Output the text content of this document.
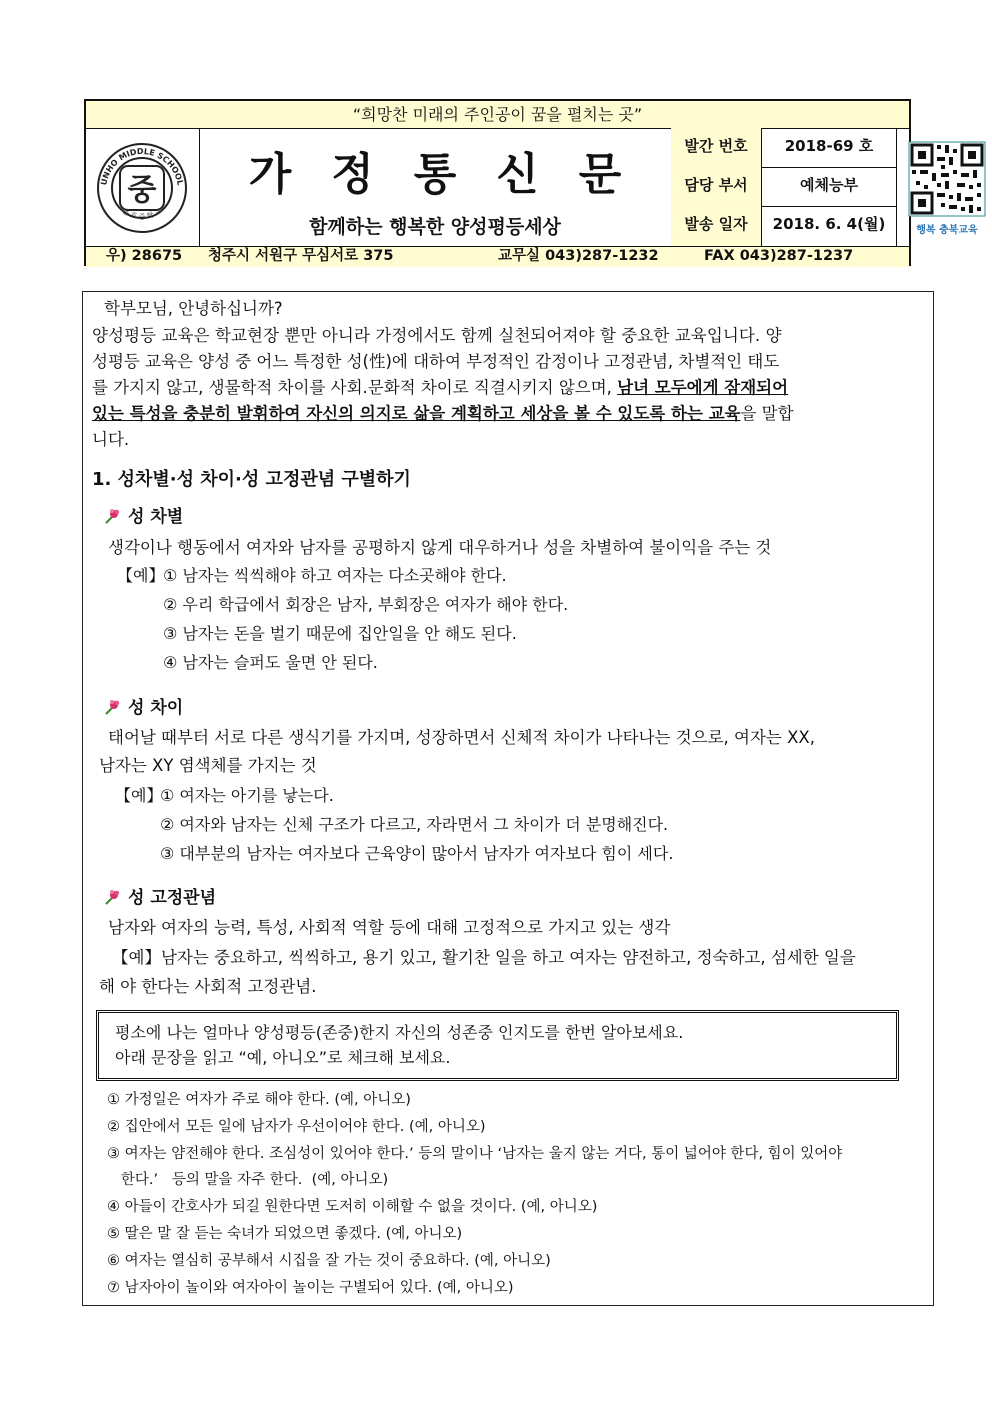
“희망찬 미래의 주인공이 꿈을 펼치는 곳”
UNHO MIDDLE SCHOOL
운 호 중 학 교
중	가정통신문
함께하는 행복한 양성평등세상
발간 번호	2018-69 호
담당 부서	예체능부
발송 일자	2018. 6. 4(월)	행복 충북교육
우) 28675 청주시 서원구 무심서로 375	교무실 043)287-1232	FAX 043)287-1237
학부모님, 안녕하십니까?
양성평등 교육은 학교현장 뿐만 아니라 가정에서도 함께 실천되어져야 할 중요한 교육입니다. 양
성평등 교육은 양성 중 어느 특정한 성(性)에 대하여 부정적인 감정이나 고정관념, 차별적인 태도
를 가지지 않고, 생물학적 차이를 사회.문화적 차이로 직결시키지 않으며, 남녀 모두에게 잠재되어
있는 특성을 충분히 발휘하여 자신의 의지로 삶을 계획하고 세상을 볼 수 있도록 하는 교육을 말합
니다.
1. 성차별·성 차이·성 고정관념 구별하기
성 차별
생각이나 행동에서 여자와 남자를 공평하지 않게 대우하거나 성을 차별하여 불이익을 주는 것
【예】
① 남자는 씩씩해야 하고 여자는 다소곳해야 한다.
② 우리 학급에서 회장은 남자, 부회장은 여자가 해야 한다.
③ 남자는 돈을 벌기 때문에 집안일을 안 해도 된다.
④ 남자는 슬퍼도 울면 안 된다.
성 차이
태어날 때부터 서로 다른 생식기를 가지며, 성장하면서 신체적 차이가 나타나는 것으로, 여자는 XX,
남자는 XY 염색체를 가지는 것
【예】
① 여자는 아기를 낳는다.
② 여자와 남자는 신체 구조가 다르고, 자라면서 그 차이가 더 분명해진다.
③ 대부분의 남자는 여자보다 근육양이 많아서 남자가 여자보다 힘이 세다.
성 고정관념
남자와 여자의 능력, 특성, 사회적 역할 등에 대해 고정적으로 가지고 있는 생각
【예】남자는 중요하고, 씩씩하고, 용기 있고, 활기찬 일을 하고 여자는 얌전하고, 정숙하고, 섬세한 일을
해 야 한다는 사회적 고정관념.
평소에 나는 얼마나 양성평등(존중)한지 자신의 성존중 인지도를 한번 알아보세요.
아래 문장을 읽고 “예, 아니오”로 체크해 보세요.
① 가정일은 여자가 주로 해야 한다. (예, 아니오)
② 집안에서 모든 일에 남자가 우선이어야 한다. (예, 아니오)
③ 여자는 얌전해야 한다. 조심성이 있어야 한다.’ 등의 말이나 ‘남자는 울지 않는 거다, 통이 넓어야 한다, 힘이 있어야
한다.’   등의 말을 자주 한다.  (예, 아니오)
④ 아들이 간호사가 되길 원한다면 도저히 이해할 수 없을 것이다. (예, 아니오)
⑤ 딸은 말 잘 듣는 숙녀가 되었으면 좋겠다. (예, 아니오)
⑥ 여자는 열심히 공부해서 시집을 잘 가는 것이 중요하다. (예, 아니오)
⑦ 남자아이 놀이와 여자아이 놀이는 구별되어 있다. (예, 아니오)
